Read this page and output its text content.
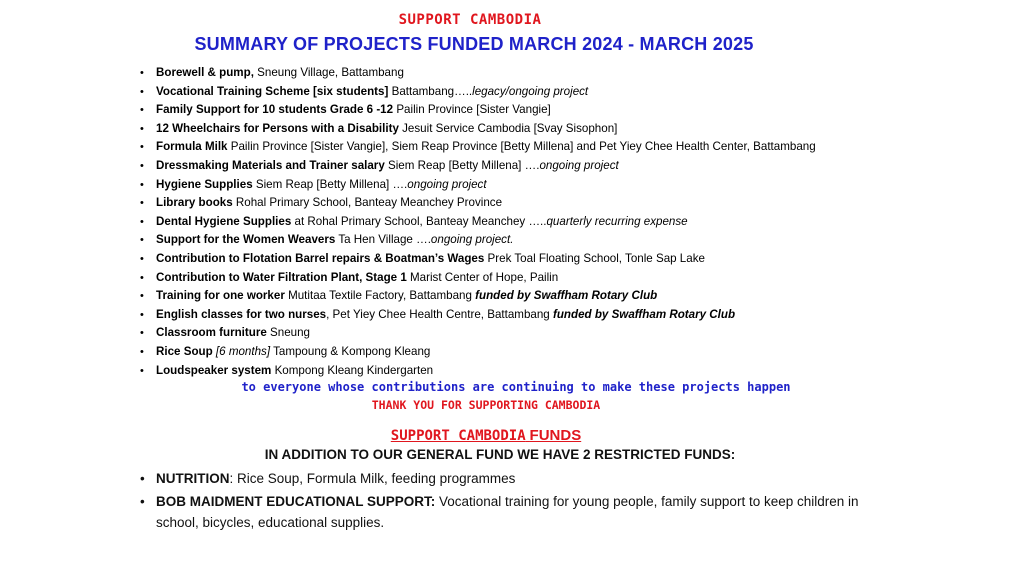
SUPPORT CAMBODIA
SUMMARY OF PROJECTS FUNDED MARCH 2024 - MARCH 2025
• Borewell & pump, Sneung Village, Battambang
• Vocational Training Scheme [six students] Battambang…..legacy/ongoing project
• Family Support for 10 students Grade 6 -12 Pailin Province [Sister Vangie]
• 12 Wheelchairs for Persons with a Disability Jesuit Service Cambodia [Svay Sisophon]
• Formula Milk Pailin Province [Sister Vangie], Siem Reap Province [Betty Millena] and Pet Yiey Chee Health Center, Battambang
• Dressmaking Materials and Trainer salary Siem Reap [Betty Millena] ….ongoing project
• Hygiene Supplies Siem Reap [Betty Millena] ….ongoing project
• Library books Rohal Primary School, Banteay Meanchey Province
• Dental Hygiene Supplies at Rohal Primary School, Banteay Meanchey …..quarterly recurring expense
• Support for the Women Weavers Ta Hen Village ….ongoing project.
• Contribution to Flotation Barrel repairs & Boatman’s Wages Prek Toal Floating School, Tonle Sap Lake
• Contribution to Water Filtration Plant, Stage 1 Marist Center of Hope, Pailin
• Training for one worker Mutitaa Textile Factory, Battambang funded by Swaffham Rotary Club
• English classes for two nurses, Pet Yiey Chee Health Centre, Battambang funded by Swaffham Rotary Club
• Classroom furniture Sneung
• Rice Soup [6 months] Tampoung & Kompong Kleang
• Loudspeaker system Kompong Kleang Kindergarten
to everyone whose contributions are continuing to make these projects happen
THANK YOU FOR SUPPORTING CAMBODIA
SUPPORT CAMBODIA FUNDS
IN ADDITION TO OUR GENERAL FUND WE HAVE 2 RESTRICTED FUNDS:
• NUTRITION: Rice Soup, Formula Milk, feeding programmes
• BOB MAIDMENT EDUCATIONAL SUPPORT: Vocational training for young people, family support to keep children in school, bicycles, educational supplies.
